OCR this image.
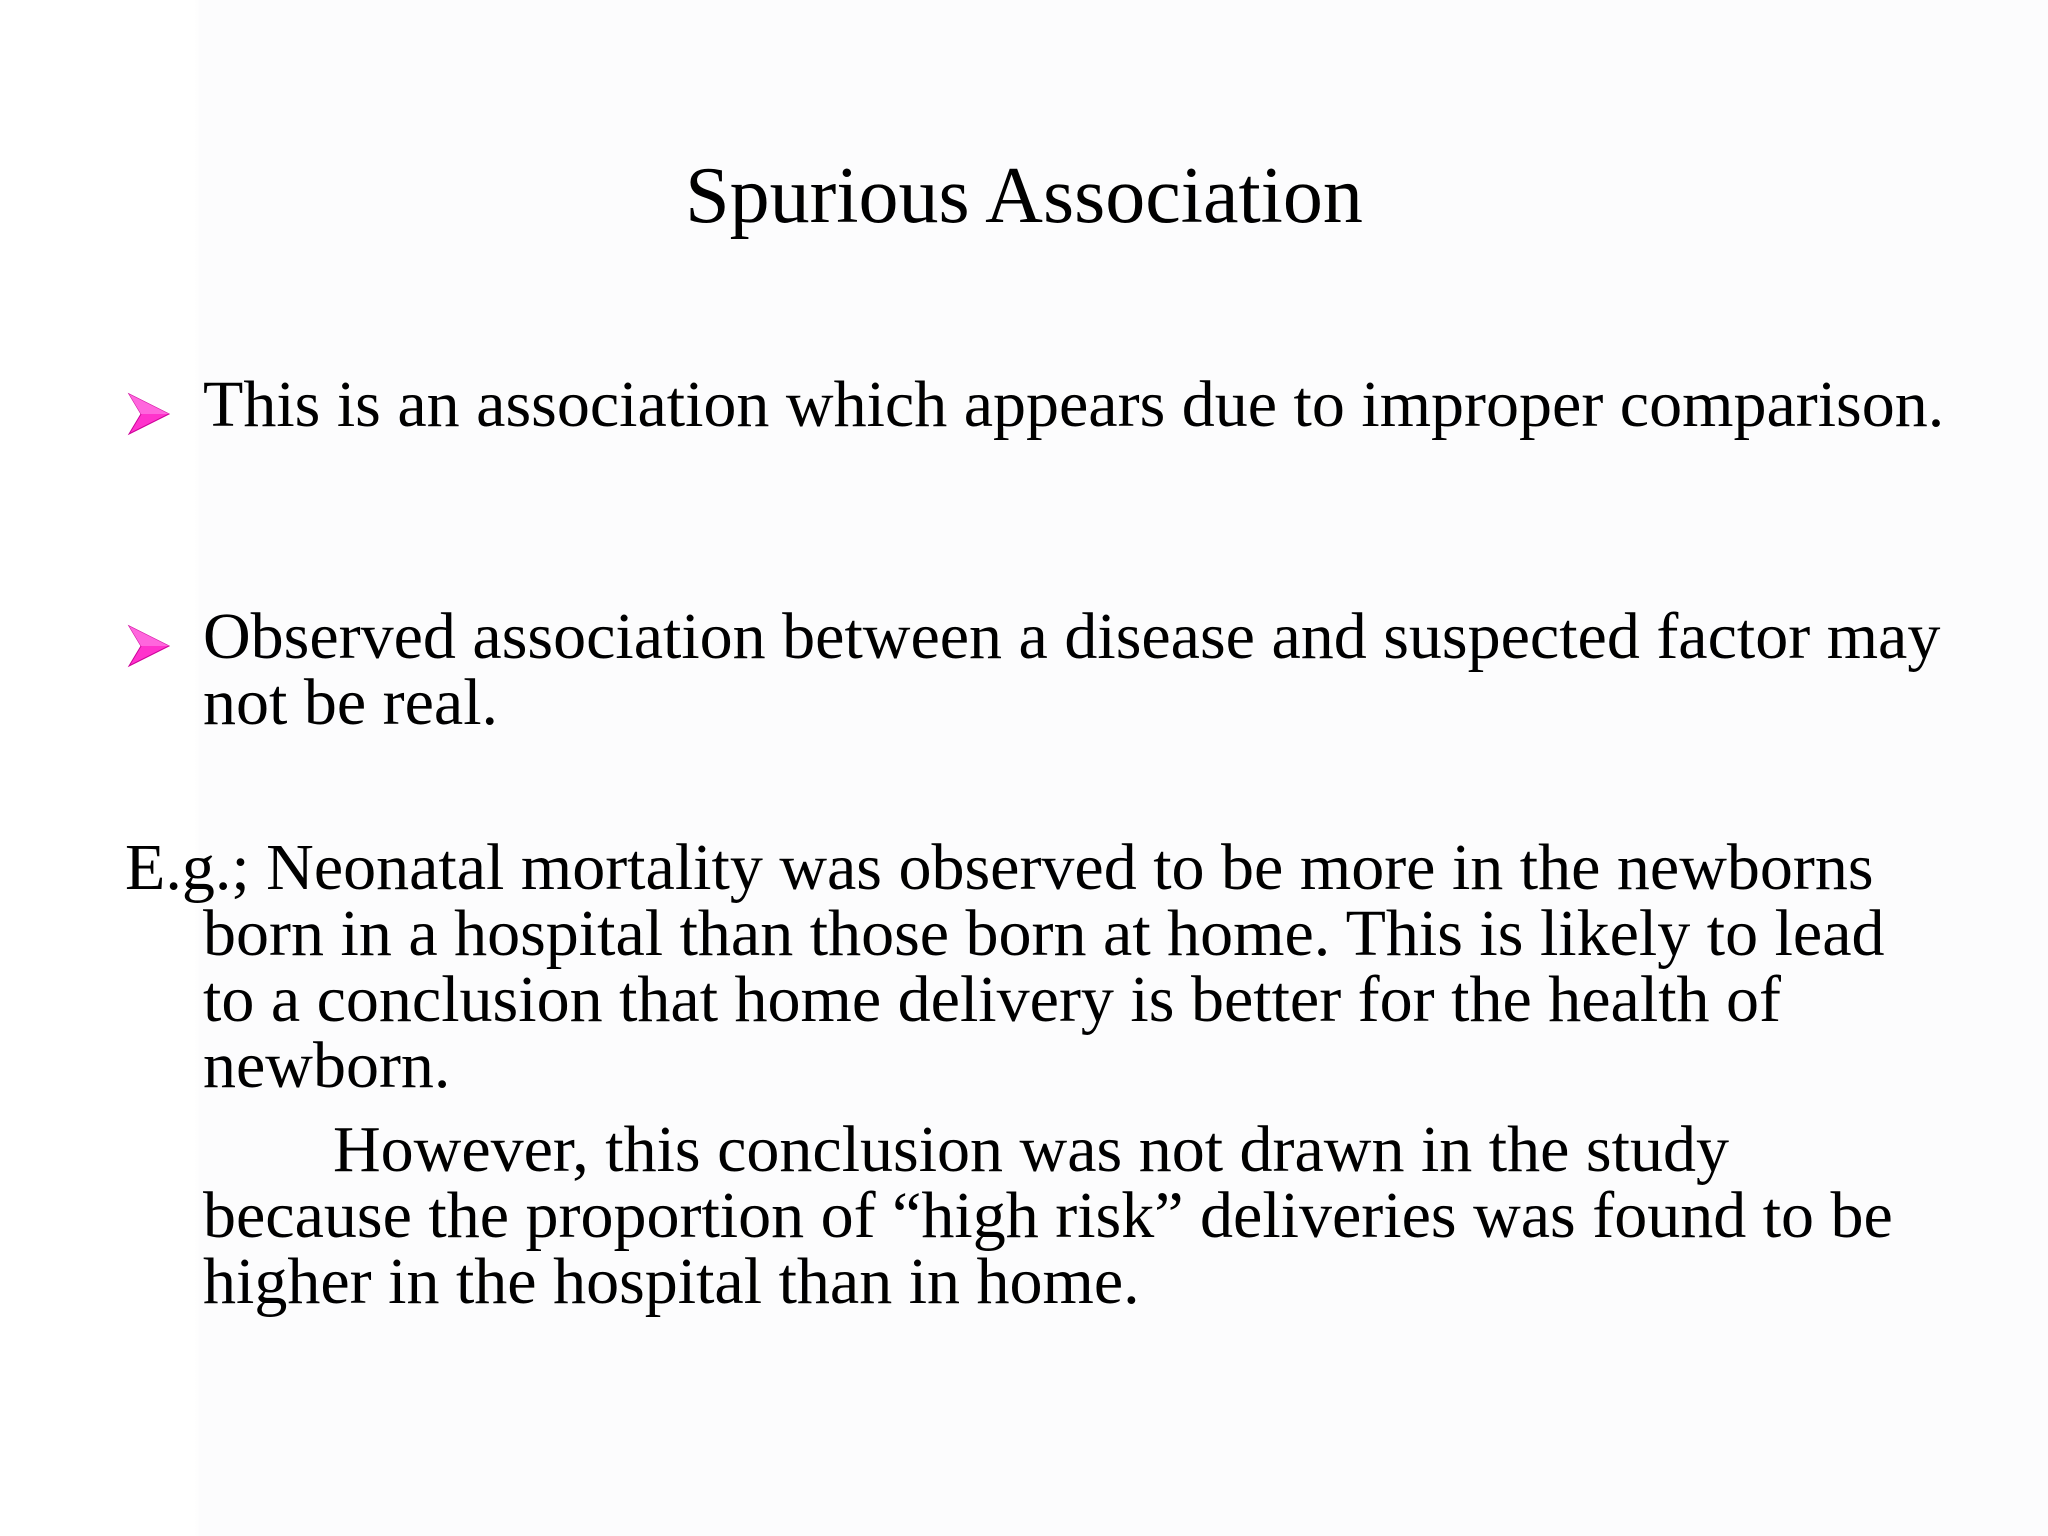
Spurious Association
This is an association which appears due to improper comparison.
Observed association between a disease and suspected factor may not be real.

E.g.; Neonatal mortality was observed to be more in the newborns born in a hospital than those born at home. This is likely to lead to a conclusion that home delivery is better for the health of newborn.

However, this conclusion was not drawn in the study because the proportion of “high risk” deliveries was found to be higher in the hospital than in home.
